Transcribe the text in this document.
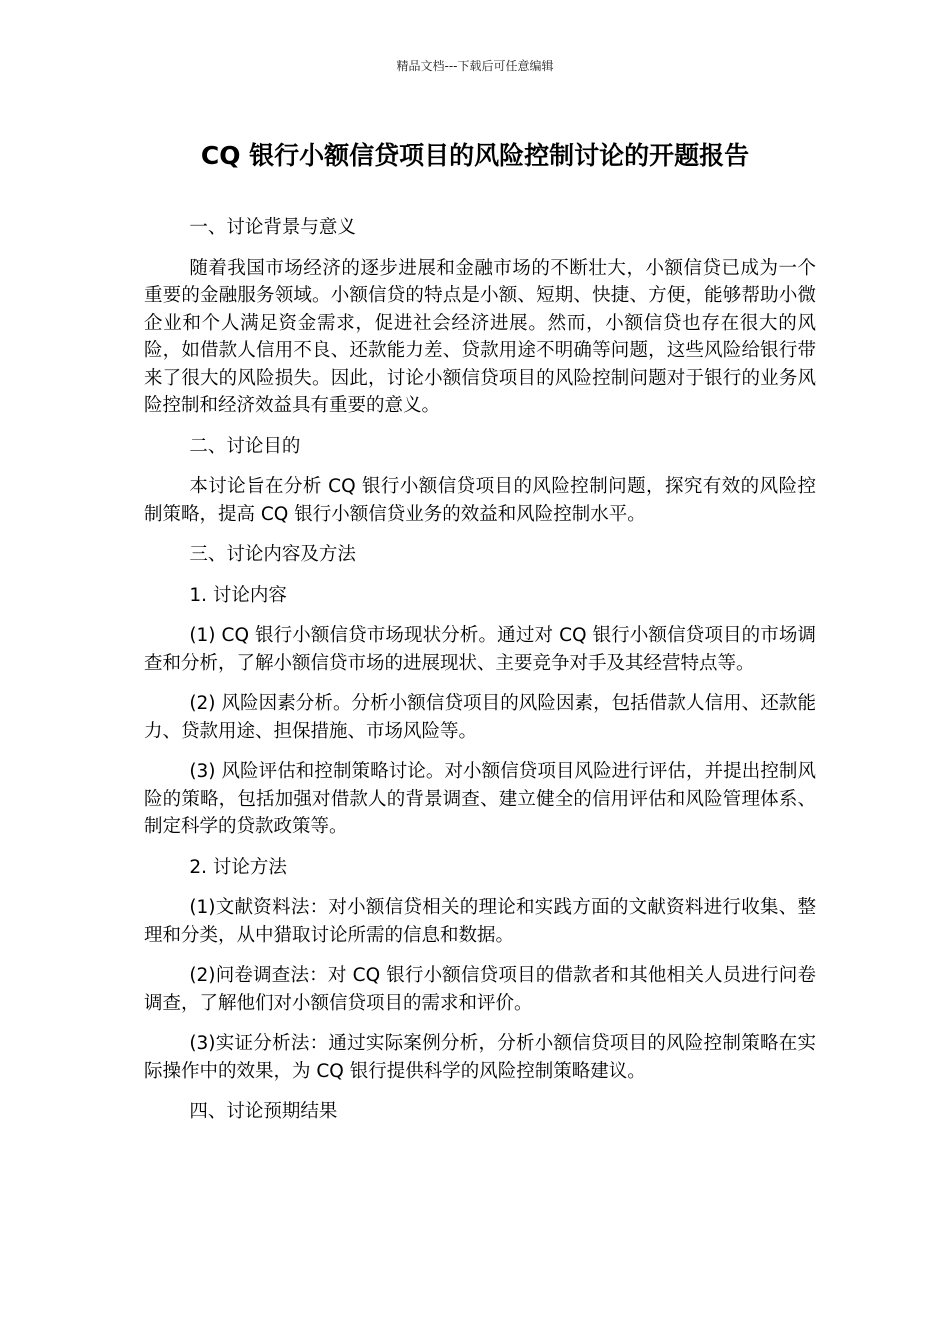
精品文档---下载后可任意编辑
CQ 银行小额信贷项目的风险控制讨论的开题报告

一、讨论背景与意义

随着我国市场经济的逐步进展和金融市场的不断壮大，小额信贷已成为一个重要的金融服务领域。小额信贷的特点是小额、短期、快捷、方便，能够帮助小微企业和个人满足资金需求，促进社会经济进展。然而，小额信贷也存在很大的风险，如借款人信用不良、还款能力差、贷款用途不明确等问题，这些风险给银行带来了很大的风险损失。因此，讨论小额信贷项目的风险控制问题对于银行的业务风险控制和经济效益具有重要的意义。

二、讨论目的

本讨论旨在分析 CQ 银行小额信贷项目的风险控制问题，探究有效的风险控制策略，提高 CQ 银行小额信贷业务的效益和风险控制水平。

三、讨论内容及方法

1. 讨论内容

(1) CQ 银行小额信贷市场现状分析。通过对 CQ 银行小额信贷项目的市场调查和分析，了解小额信贷市场的进展现状、主要竞争对手及其经营特点等。

(2) 风险因素分析。分析小额信贷项目的风险因素，包括借款人信用、还款能力、贷款用途、担保措施、市场风险等。

(3) 风险评估和控制策略讨论。对小额信贷项目风险进行评估，并提出控制风险的策略，包括加强对借款人的背景调查、建立健全的信用评估和风险管理体系、制定科学的贷款政策等。

2. 讨论方法

(1)文献资料法：对小额信贷相关的理论和实践方面的文献资料进行收集、整理和分类，从中猎取讨论所需的信息和数据。

(2)问卷调查法：对 CQ 银行小额信贷项目的借款者和其他相关人员进行问卷调查，了解他们对小额信贷项目的需求和评价。

(3)实证分析法：通过实际案例分析，分析小额信贷项目的风险控制策略在实际操作中的效果，为 CQ 银行提供科学的风险控制策略建议。

四、讨论预期结果
